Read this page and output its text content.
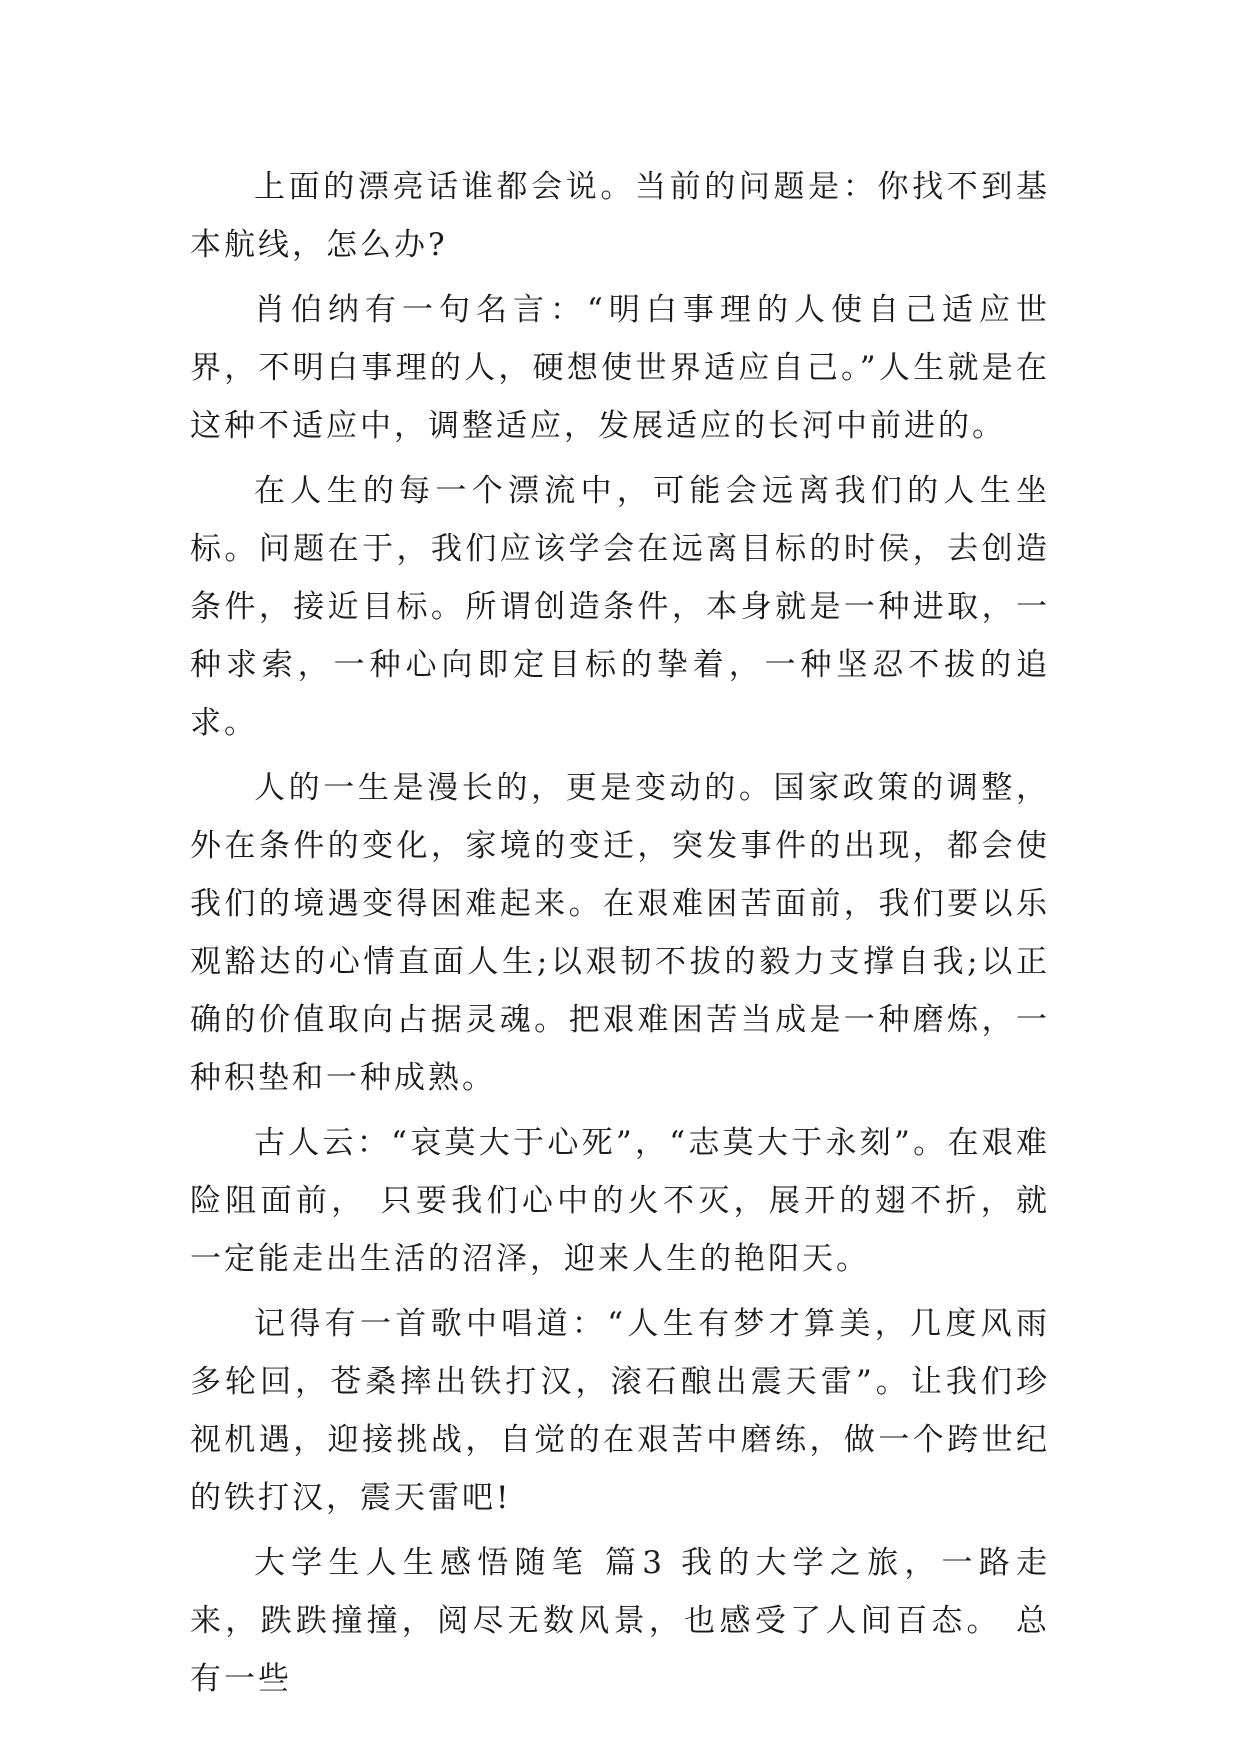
上面的漂亮话谁都会说。当前的问题是：你找不到基本航线，怎么办?

肖伯纳有一句名言：“明白事理的人使自己适应世界，不明白事理的人，硬想使世界适应自己。”人生就是在这种不适应中，调整适应，发展适应的长河中前进的。

在人生的每一个漂流中，可能会远离我们的人生坐标。问题在于，我们应该学会在远离目标的时侯，去创造条件，接近目标。所谓创造条件，本身就是一种进取，一种求索，一种心向即定目标的挚着，一种坚忍不拔的追求。

人的一生是漫长的，更是变动的。国家政策的调整，外在条件的变化，家境的变迁，突发事件的出现，都会使我们的境遇变得困难起来。在艰难困苦面前，我们要以乐观豁达的心情直面人生;以艰韧不拔的毅力支撑自我;以正确的价值取向占据灵魂。把艰难困苦当成是一种磨炼，一种积垫和一种成熟。

古人云：“哀莫大于心死”，“志莫大于永刻”。在艰难险阻面前， 只要我们心中的火不灭，展开的翅不折，就一定能走出生活的沼泽，迎来人生的艳阳天。

记得有一首歌中唱道：“人生有梦才算美，几度风雨多轮回，苍桑摔出铁打汉，滚石酿出震天雷”。让我们珍视机遇，迎接挑战，自觉的在艰苦中磨练，做一个跨世纪的铁打汉，震天雷吧!

大学生人生感悟随笔 篇3 我的大学之旅，一路走来，跌跌撞撞，阅尽无数风景，也感受了人间百态。 总有一些
